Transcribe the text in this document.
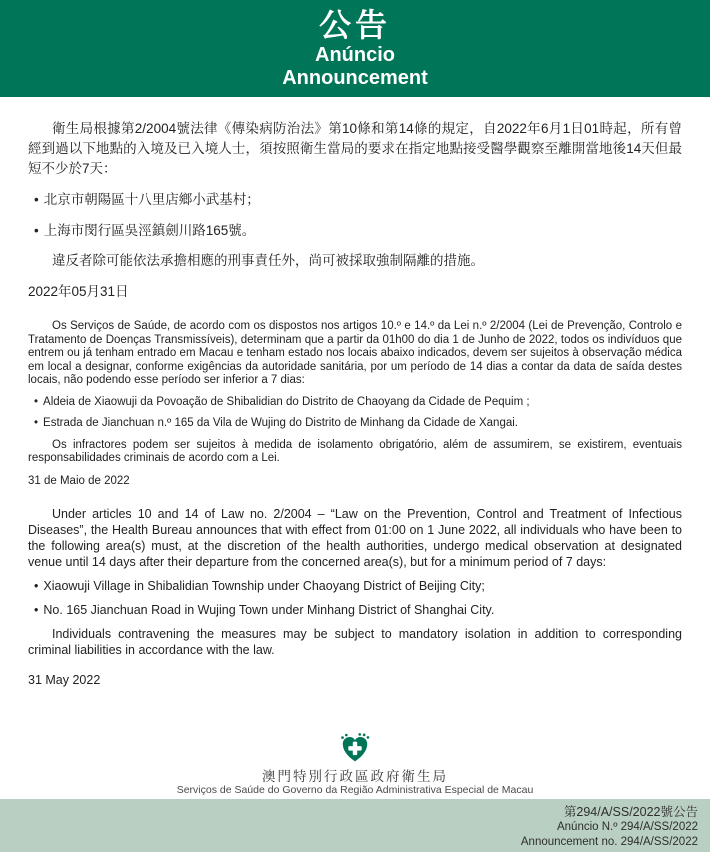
公告
Anúncio
Announcement

衛生局根據第2/2004號法律《傳染病防治法》第10條和第14條的規定，自2022年6月1日01時起，所有曾經到過以下地點的入境及已入境人士，須按照衛生當局的要求在指定地點接受醫學觀察至離開當地後14天但最短不少於7天：

• 北京市朝陽區十八里店鄉小武基村；
• 上海市閔行區吳涇鎮劍川路165號。

違反者除可能依法承擔相應的刑事責任外，尚可被採取強制隔離的措施。

2022年05月31日

Os Serviços de Saúde, de acordo com os dispostos nos artigos 10.º e 14.º da Lei n.º 2/2004 (Lei de Prevenção, Controlo e Tratamento de Doenças Transmissíveis), determinam que a partir da 01h00 do dia 1 de Junho de 2022, todos os indivíduos que entrem ou já tenham entrado em Macau e tenham estado nos locais abaixo indicados, devem ser sujeitos à observação médica em local a designar, conforme exigências da autoridade sanitária, por um período de 14 dias a contar da data de saída destes locais, não podendo esse período ser inferior a 7 dias:

• Aldeia de Xiaowuji da Povoação de Shibalidian do Distrito de Chaoyang da Cidade de Pequim ;
• Estrada de Jianchuan n.º 165 da Vila de Wujing do Distrito de Minhang da Cidade de Xangai.

Os infractores podem ser sujeitos à medida de isolamento obrigatório, além de assumirem, se existirem, eventuais responsabilidades criminais de acordo com a Lei.

31 de Maio de 2022

Under articles 10 and 14 of Law no. 2/2004 – “Law on the Prevention, Control and Treatment of Infectious Diseases”, the Health Bureau announces that with effect from 01:00 on 1 June 2022, all individuals who have been to the following area(s) must, at the discretion of the health authorities, undergo medical observation at designated venue until 14 days after their departure from the concerned area(s), but for a minimum period of 7 days:

• Xiaowuji Village in Shibalidian Township under Chaoyang District of Beijing City;
• No. 165 Jianchuan Road in Wujing Town under Minhang District of Shanghai City.

Individuals contravening the measures may be subject to mandatory isolation in addition to corresponding criminal liabilities in accordance with the law.

31 May 2022
澳門特別行政區政府衛生局
Serviços de Saúde do Governo da Região Administrativa Especial de Macau
第294/A/SS/2022號公告
Anúncio N.º 294/A/SS/2022
Announcement no. 294/A/SS/2022
